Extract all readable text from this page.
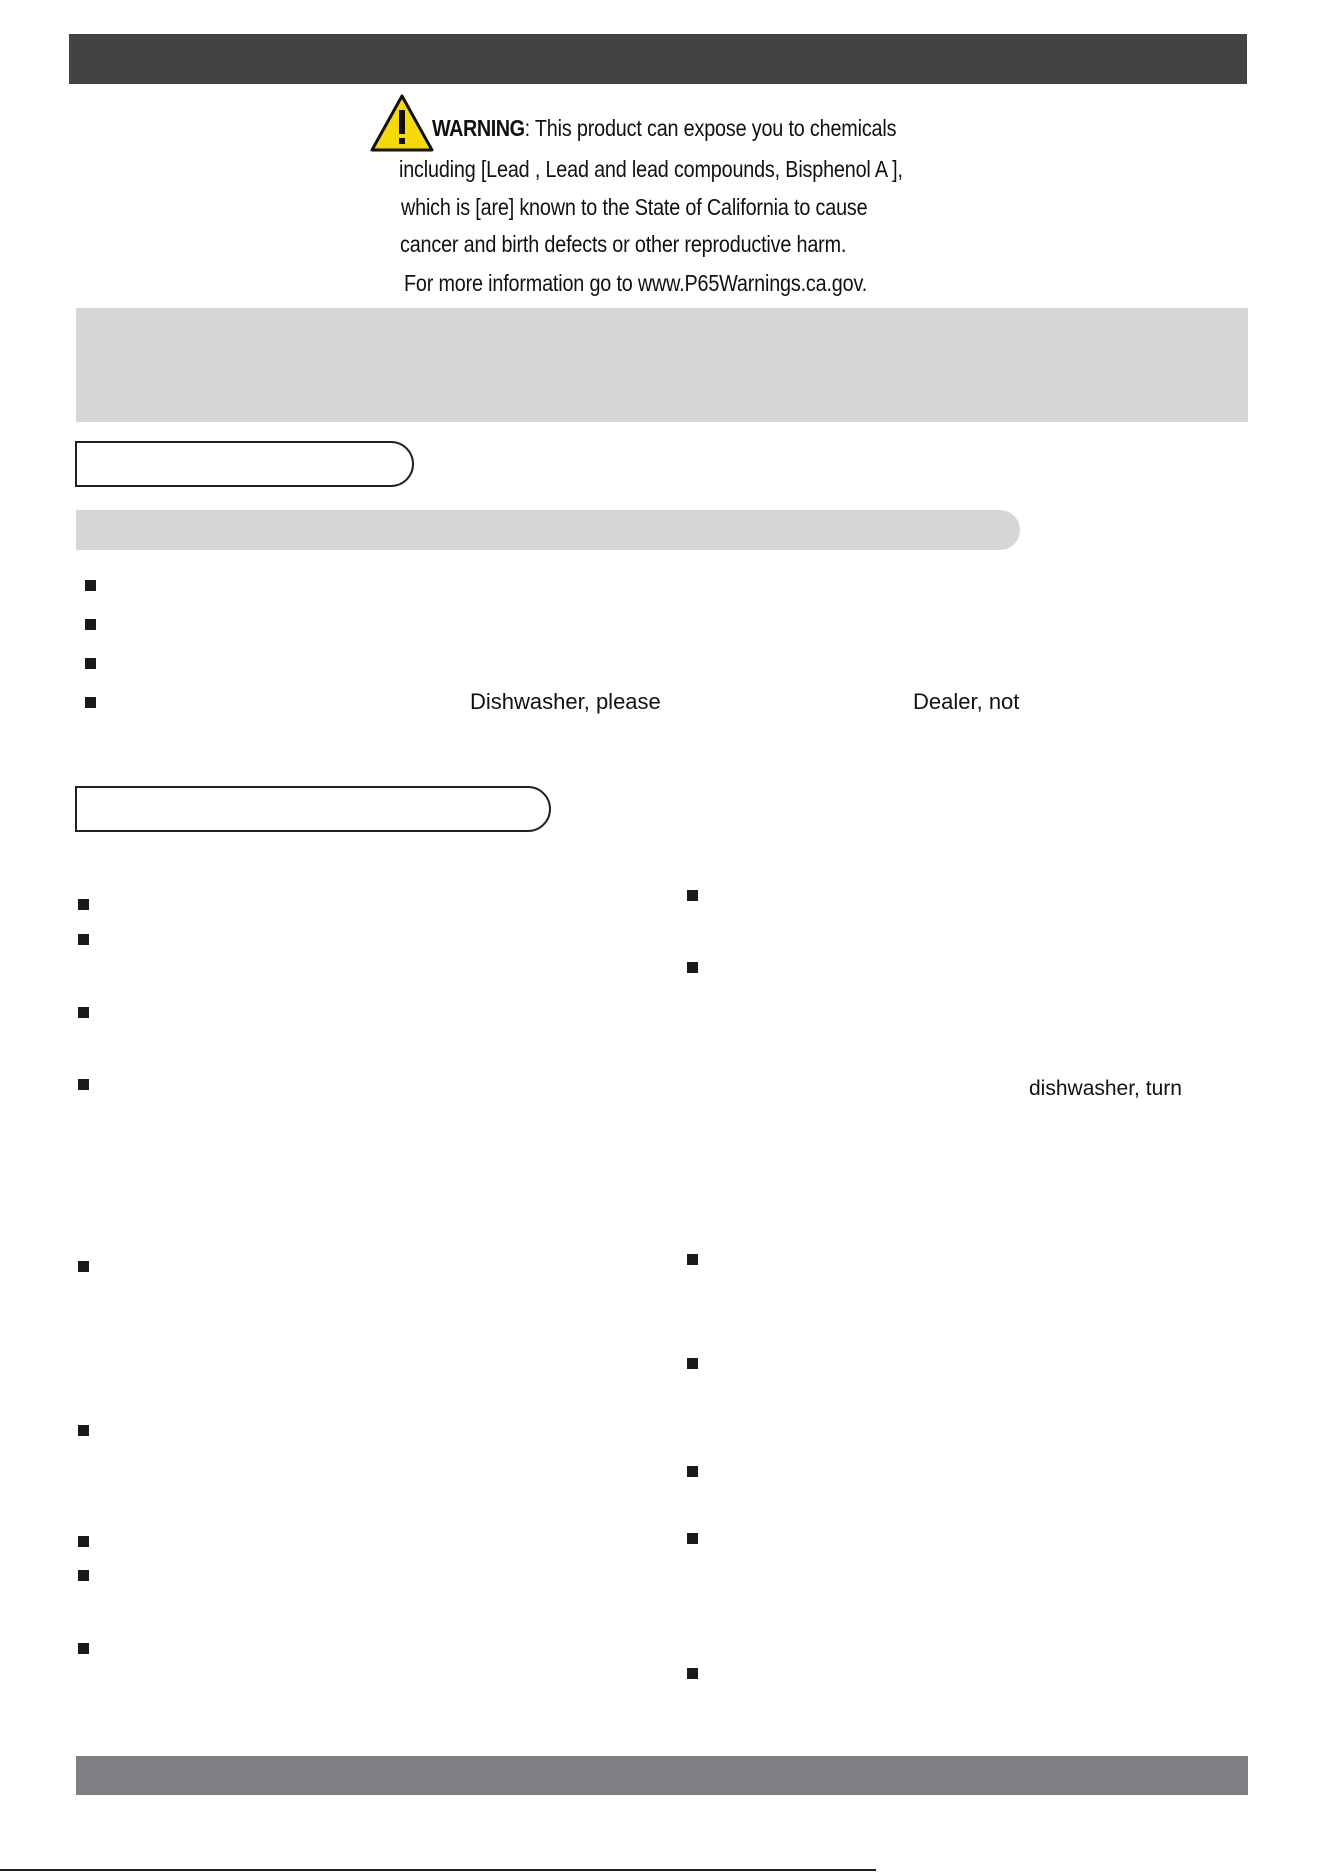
WARNING: This product can expose you to chemicals
including [Lead , Lead and lead compounds, Bisphenol A ],
which is [are] known to the State of California to cause
cancer and birth defects or other reproductive harm.
For more information go to www.P65Warnings.ca.gov.
Dishwasher, please	Dealer, not
dishwasher, turn
